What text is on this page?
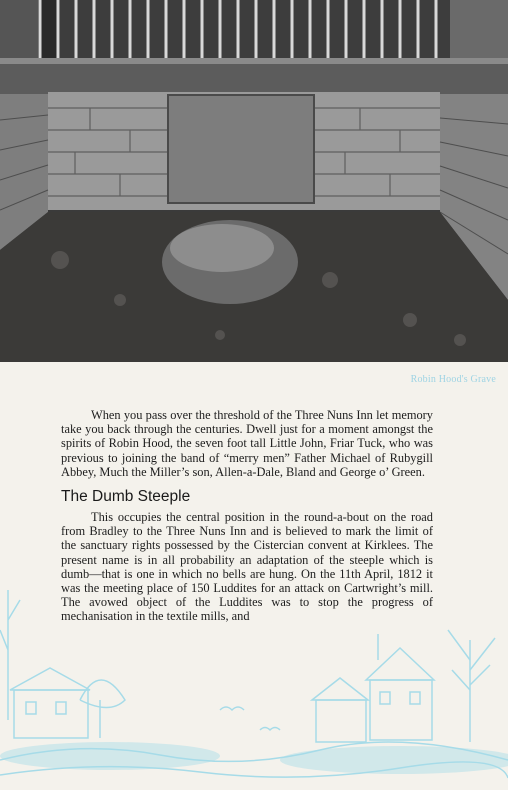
Robin Hood's Grave

When you pass over the threshold of the Three Nuns Inn let memory take you back through the centuries. Dwell just for a moment amongst the spirits of Robin Hood, the seven foot tall Little John, Friar Tuck, who was previous to joining the band of “merry men” Father Michael of Rubygill Abbey, Much the Miller’s son, Allen-a-Dale, Bland and George o’ Green.

The Dumb Steeple

This occupies the central position in the round-a-bout on the road from Bradley to the Three Nuns Inn and is believed to mark the limit of the sanctuary rights possessed by the Cistercian convent at Kirklees. The present name is in all probability an adaptation of the steeple which is dumb—that is one in which no bells are hung. On the 11th April, 1812 it was the meeting place of 150 Luddites for an attack on Cartwright’s mill. The avowed object of the Luddites was to stop the progress of mechanisation in the textile mills, and
